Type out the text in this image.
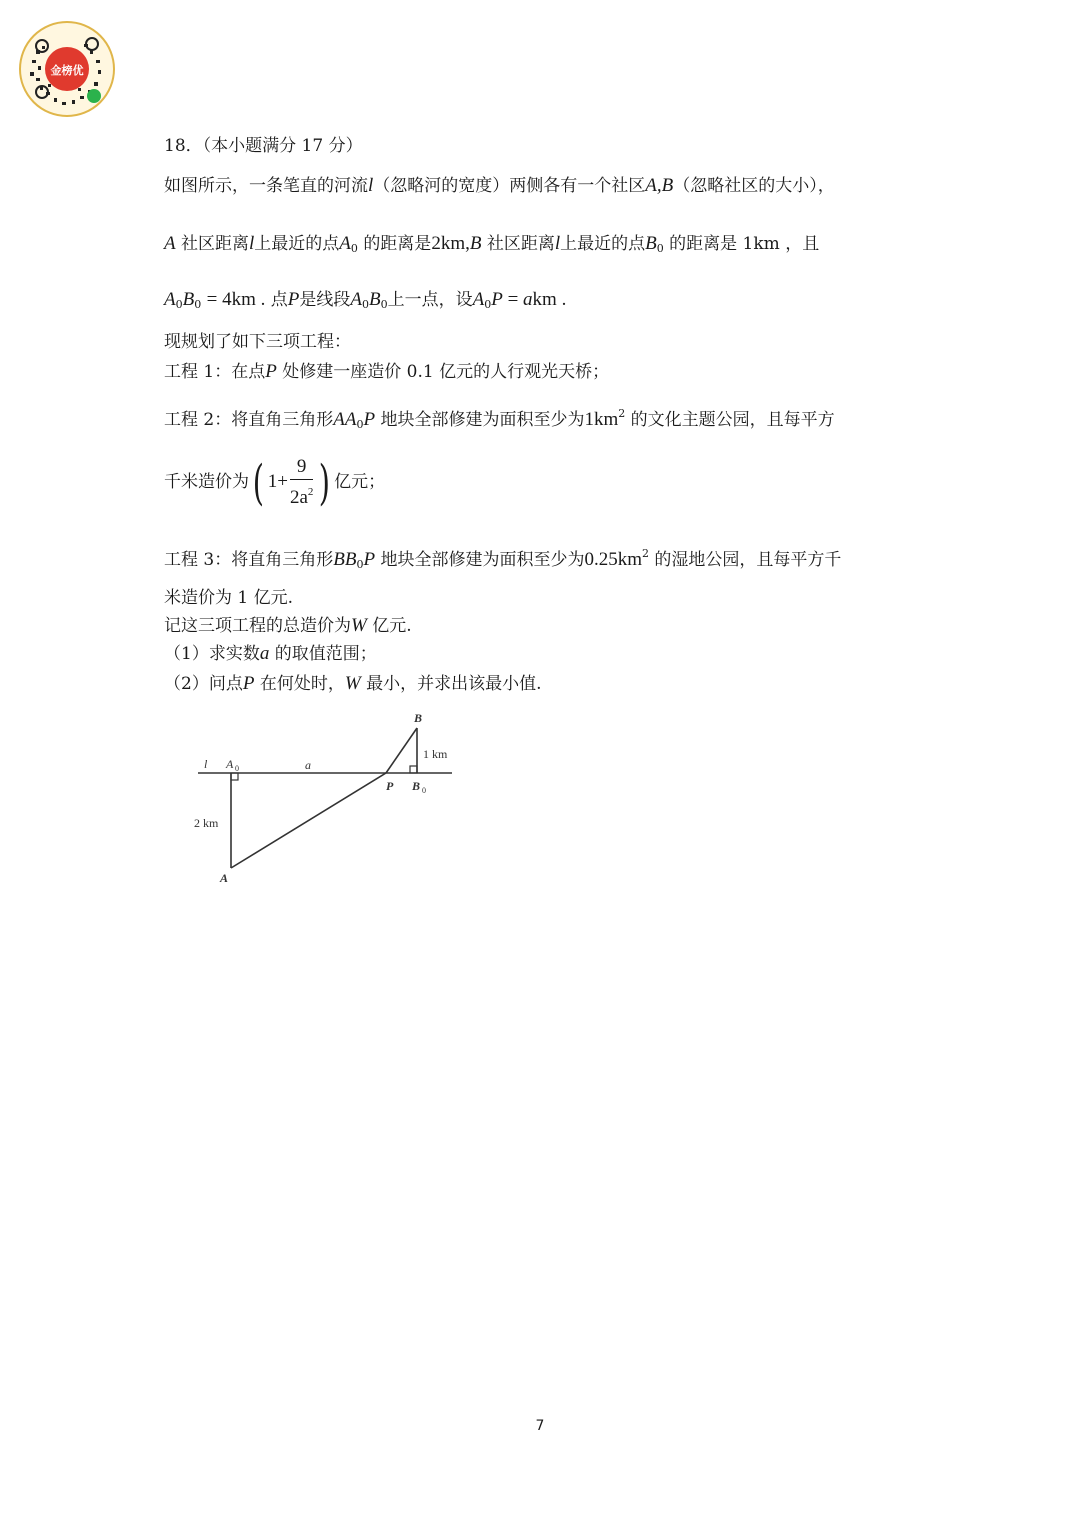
金榜优
18．（本小题满分 17 分）
如图所示，一条笔直的河流l（忽略河的宽度）两侧各有一个社区A,B（忽略社区的大小），
A 社区距离l上最近的点$A_0$ 的距离是2km,B 社区距离l上最近的点$B_0$ 的距离是 1km ，且
$A_0B_0 = 4km$ . 点P是线段$A_0B_0$上一点，设$A_0P$ = akm .
现规划了如下三项工程：
工程 1：在点P 处修建一座造价 0.1 亿元的人行观光天桥；
工程 2：将直角三角形$AA_0P$ 地块全部修建为面积至少为$1km^2$ 的文化主题公园，且每平方
千米造价为( $1+ \frac{9}{2a^2}$ ) 亿元；
工程 3：将直角三角形$BB_0P$ 地块全部修建为面积至少为$0.25km^2$ 的湿地公园，且每平方千
米造价为 1 亿元.
记这三项工程的总造价为W 亿元.
（1）求实数a 的取值范围；
（2）问点P 在何处时，W 最小，并求出该最小值.
l A 0	a
B
1 km
P B 0
2 km
A
7
